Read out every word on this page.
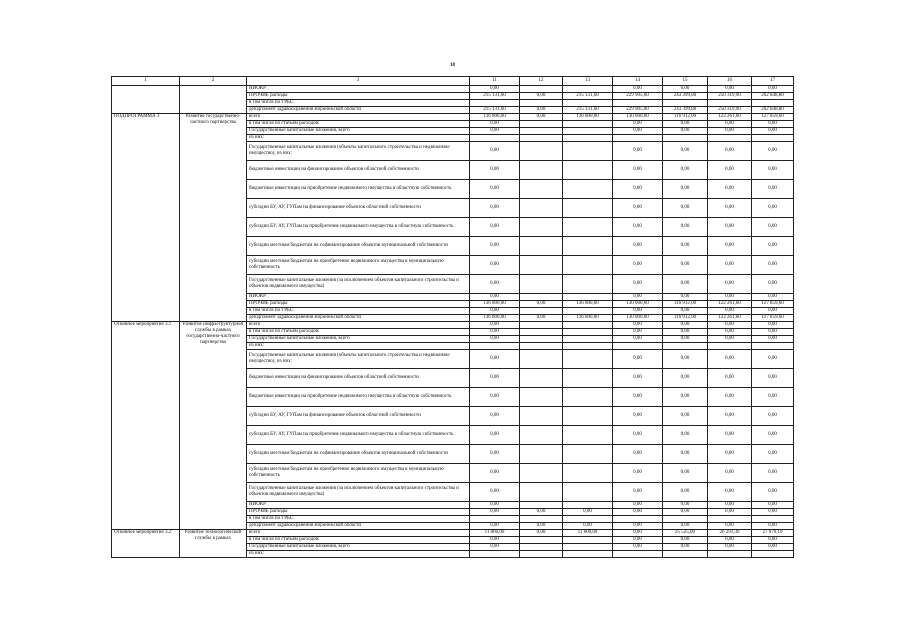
18
1	2	3	11	12	13	14	15	16	17
		НИОКР	0,00			0,00	0,00	0,00	0,00
		ПРОЧИЕ расходы	215 131,60	0,00	215 131,60	229 905,00	243 399,80	250 319,90	262 848,80
		в том числе по ГРБС:							
		департамент здравоохранения Воронежской области	215 131,60	0,00	215 131,60	229 905,00	243 399,80	250 319,90	262 848,80
ПОДПРОГРАММА 3	Развитие государственно-частного партнерства	всего	136 800,00	0,00	136 800,00	130 000,00	116 912,00	122 261,60	127 859,60
		в том числе по статьям расходов:	0,00			0,00	0,00	0,00	0,00
		Государственные капитальные вложения, всего	0,00			0,00	0,00	0,00	0,00
		из них:							
		Государственные капитальные вложения (объекты капитального строительства и недвижимое имущество), из них:	0,00			0,00	0,00	0,00	0,00
		бюджетные инвестиции на финансирование объектов областной собственности	0,00			0,00	0,00	0,00	0,00
		бюджетные инвестиции на приобретение недвижимого имущества в областную собственность	0,00			0,00	0,00	0,00	0,00
		субсидии БУ, АУ, ГУПам на финансирование объектов областной собственности	0,00			0,00	0,00	0,00	0,00
		субсидии БУ, АУ, ГУПам на приобретение недвижимого имущества в областную собственность	0,00			0,00	0,00	0,00	0,00
		субсидии местным бюджетам на софинансирование объектов муниципальной собственности	0,00			0,00	0,00	0,00	0,00
		субсидии местным бюджетам на приобретение недвижимого имущества в муниципальную собственность	0,00			0,00	0,00	0,00	0,00
		Государственные капитальные вложения (за исключением объектов капитального строительства и объектов недвижимого имущества)	0,00			0,00	0,00	0,00	0,00
		НИОКР	0,00			0,00	0,00	0,00	0,00
		ПРОЧИЕ расходы	136 800,00	0,00	136 800,00	130 000,00	116 912,00	122 261,60	127 859,60
		в том числе по ГРБС:	0,00			0,00	0,00	0,00	0,00
		департамент здравоохранения Воронежской области	136 800,00	0,00	136 800,00	130 000,00	116 912,00	122 261,60	127 859,60
Основное мероприятие 3.1	Развитие инфраструктурной службы в рамках государственно-частного партнерства	всего	0,00			0,00	0,00	0,00	0,00
		в том числе по статьям расходов:	0,00			0,00	0,00	0,00	0,00
		Государственные капитальные вложения, всего	0,00			0,00	0,00	0,00	0,00
		из них:							
		Государственные капитальные вложения (объекты капитального строительства и недвижимое имущество), из них:	0,00			0,00	0,00	0,00	0,00
		бюджетные инвестиции на финансирование объектов областной собственности	0,00			0,00	0,00	0,00	0,00
		бюджетные инвестиции на приобретение недвижимого имущества в областную собственность	0,00			0,00	0,00	0,00	0,00
		субсидии БУ, АУ, ГУПам на финансирование объектов областной собственности	0,00			0,00	0,00	0,00	0,00
		субсидии БУ, АУ, ГУПам на приобретение недвижимого имущества в областную собственность	0,00			0,00	0,00	0,00	0,00
		субсидии местным бюджетам на софинансирование объектов муниципальной собственности	0,00			0,00	0,00	0,00	0,00
		субсидии местным бюджетам на приобретение недвижимого имущества в муниципальную собственность	0,00			0,00	0,00	0,00	0,00
		Государственные капитальные вложения (за исключением объектов капитального строительства и объектов недвижимого имущества)	0,00			0,00	0,00	0,00	0,00
		НИОКР	0,00			0,00	0,00	0,00	0,00
		ПРОЧИЕ расходы	0,00	0,00	0,00	0,00	0,00	0,00	0,00
		в том числе по ГРБС:							
		департамент здравоохранения Воронежской области	0,00	0,00	0,00	0,00	0,00	0,00	0,00
Основное мероприятие 3.2	Развитие технологической службы в рамках	всего	11 800,00	0,00	11 800,00	0,00	25 525,00	26 291,30	27 070,10
		в том числе по статьям расходов:	0,00			0,00	0,00	0,00	0,00
		Государственные капитальные вложения, всего	0,00			0,00	0,00	0,00	0,00
		из них:							
